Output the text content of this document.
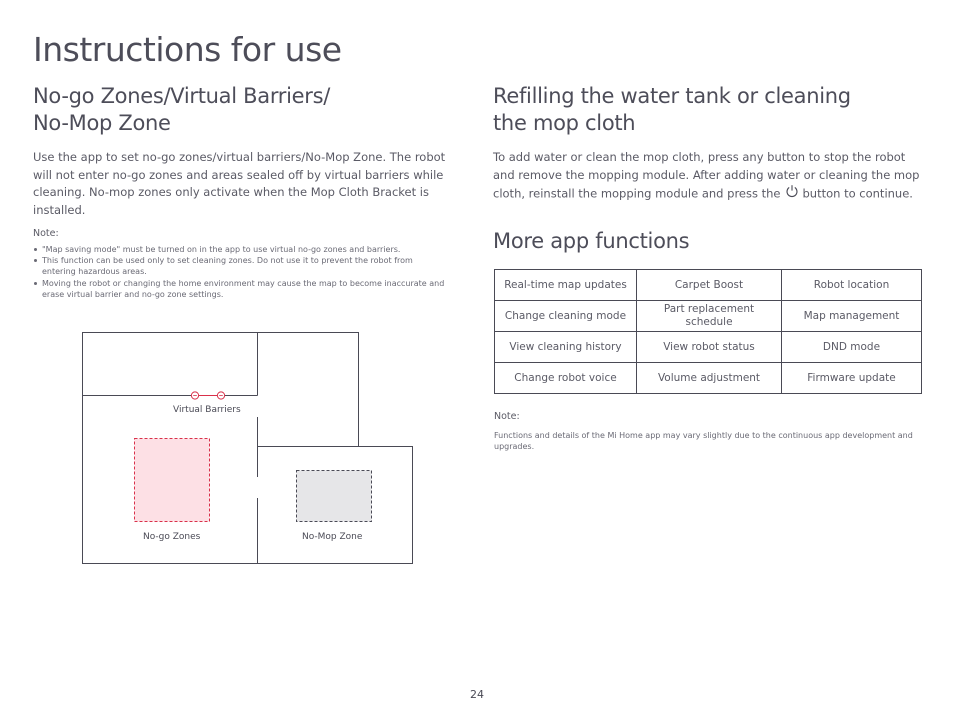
Instructions for use
No-go Zones/Virtual Barriers/
No-Mop Zone

Use the app to set no-go zones/virtual barriers/No-Mop Zone. The robot will not enter no-go zones and areas sealed off by virtual barriers while cleaning. No-mop zones only activate when the Mop Cloth Bracket is installed.

Note:

"Map saving mode" must be turned on in the app to use virtual no-go zones and barriers.
This function can be used only to set cleaning zones. Do not use it to prevent the robot from entering hazardous areas.
Moving the robot or changing the home environment may cause the map to become inaccurate and erase virtual barrier and no-go zone settings.
Virtual Barriers
No-go Zones	No-Mop Zone
Refilling the water tank or cleaning
the mop cloth

To add water or clean the mop cloth, press any button to stop the robot and remove the mopping module. After adding water or cleaning the mop cloth, reinstall the mopping module and press the button to continue.

More app functions
Real-time map updates	Carpet Boost	Robot location
Change cleaning mode	Part replacement schedule	Map management
View cleaning history	View robot status	DND mode
Change robot voice	Volume adjustment	Firmware update

Note:

Functions and details of the Mi Home app may vary slightly due to the continuous app development and upgrades.

24
